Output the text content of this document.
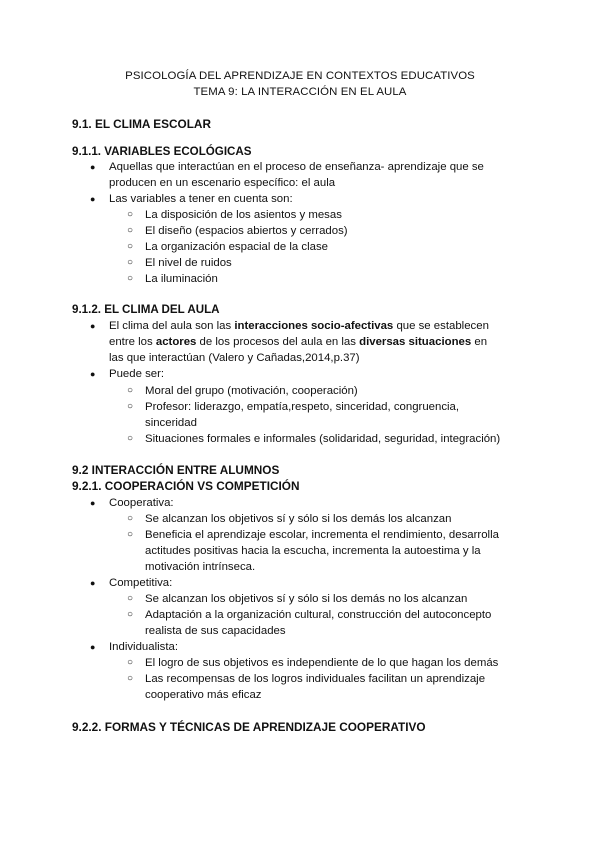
PSICOLOGÍA DEL APRENDIZAJE EN CONTEXTOS EDUCATIVOS
TEMA 9: LA INTERACCIÓN EN EL AULA
9.1. EL CLIMA ESCOLAR
9.1.1. VARIABLES ECOLÓGICAS
● Aquellas que interactúan en el proceso de enseñanza- aprendizaje que se
producen en un escenario específico: el aula
● Las variables a tener en cuenta son:
○ La disposición de los asientos y mesas
○ El diseño (espacios abiertos y cerrados)
○ La organización espacial de la clase
○ El nivel de ruidos
○ La iluminación
9.1.2. EL CLIMA DEL AULA
● El clima del aula son las interacciones socio-afectivas que se establecen
entre los actores de los procesos del aula en las diversas situaciones en
las que interactúan (Valero y Cañadas,2014,p.37)
● Puede ser:
○ Moral del grupo (motivación, cooperación)
○ Profesor: liderazgo, empatía,respeto, sinceridad, congruencia,
sinceridad
○ Situaciones formales e informales (solidaridad, seguridad, integración)
9.2 INTERACCIÓN ENTRE ALUMNOS
9.2.1. COOPERACIÓN VS COMPETICIÓN
● Cooperativa:
○ Se alcanzan los objetivos sí y sólo si los demás los alcanzan
○ Beneficia el aprendizaje escolar, incrementa el rendimiento, desarrolla
actitudes positivas hacia la escucha, incrementa la autoestima y la
motivación intrínseca.
● Competitiva:
○ Se alcanzan los objetivos sí y sólo si los demás no los alcanzan
○ Adaptación a la organización cultural, construcción del autoconcepto
realista de sus capacidades
● Individualista:
○ El logro de sus objetivos es independiente de lo que hagan los demás
○ Las recompensas de los logros individuales facilitan un aprendizaje
cooperativo más eficaz
9.2.2. FORMAS Y TÉCNICAS DE APRENDIZAJE COOPERATIVO
